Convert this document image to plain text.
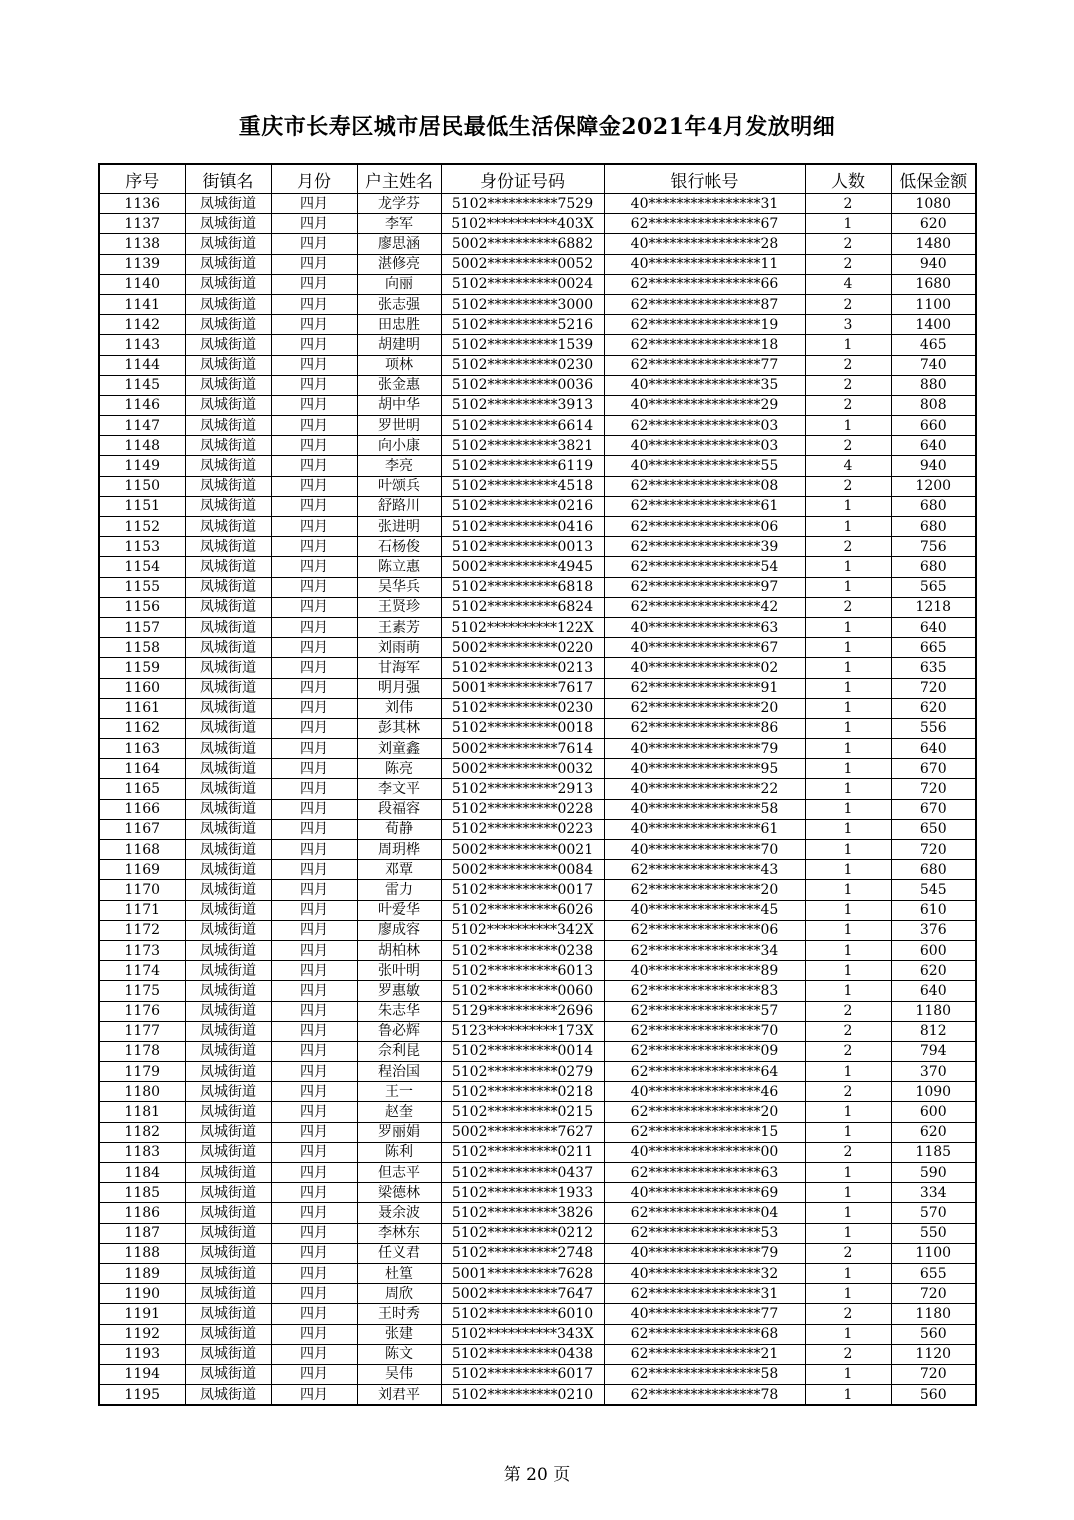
重庆市长寿区城市居民最低生活保障金2021年4月发放明细
序号	街镇名	月份	户主姓名	身份证号码	银行帐号	人数	低保金额
1136	凤城街道	四月	龙学芬	5102**********7529	40****************31	2	1080
1137	凤城街道	四月	李军	5102**********403X	62****************67	1	620
1138	凤城街道	四月	廖思涵	5002**********6882	40****************28	2	1480
1139	凤城街道	四月	湛修亮	5002**********0052	40****************11	2	940
1140	凤城街道	四月	向丽	5102**********0024	62****************66	4	1680
1141	凤城街道	四月	张志强	5102**********3000	62****************87	2	1100
1142	凤城街道	四月	田忠胜	5102**********5216	62****************19	3	1400
1143	凤城街道	四月	胡建明	5102**********1539	62****************18	1	465
1144	凤城街道	四月	项林	5102**********0230	62****************77	2	740
1145	凤城街道	四月	张金惠	5102**********0036	40****************35	2	880
1146	凤城街道	四月	胡中华	5102**********3913	40****************29	2	808
1147	凤城街道	四月	罗世明	5102**********6614	62****************03	1	660
1148	凤城街道	四月	向小康	5102**********3821	40****************03	2	640
1149	凤城街道	四月	李亮	5102**********6119	40****************55	4	940
1150	凤城街道	四月	叶颂兵	5102**********4518	62****************08	2	1200
1151	凤城街道	四月	舒路川	5102**********0216	62****************61	1	680
1152	凤城街道	四月	张进明	5102**********0416	62****************06	1	680
1153	凤城街道	四月	石杨俊	5102**********0013	62****************39	2	756
1154	凤城街道	四月	陈立惠	5002**********4945	62****************54	1	680
1155	凤城街道	四月	吴华兵	5102**********6818	62****************97	1	565
1156	凤城街道	四月	王贤珍	5102**********6824	62****************42	2	1218
1157	凤城街道	四月	王素芳	5102**********122X	40****************63	1	640
1158	凤城街道	四月	刘雨萌	5002**********0220	40****************67	1	665
1159	凤城街道	四月	甘海军	5102**********0213	40****************02	1	635
1160	凤城街道	四月	明月强	5001**********7617	62****************91	1	720
1161	凤城街道	四月	刘伟	5102**********0230	62****************20	1	620
1162	凤城街道	四月	彭其林	5102**********0018	62****************86	1	556
1163	凤城街道	四月	刘童鑫	5002**********7614	40****************79	1	640
1164	凤城街道	四月	陈亮	5002**********0032	40****************95	1	670
1165	凤城街道	四月	李文平	5102**********2913	40****************22	1	720
1166	凤城街道	四月	段福容	5102**********0228	40****************58	1	670
1167	凤城街道	四月	荀静	5102**********0223	40****************61	1	650
1168	凤城街道	四月	周玥桦	5002**********0021	40****************70	1	720
1169	凤城街道	四月	邓覃	5002**********0084	62****************43	1	680
1170	凤城街道	四月	雷力	5102**********0017	62****************20	1	545
1171	凤城街道	四月	叶爱华	5102**********6026	40****************45	1	610
1172	凤城街道	四月	廖成容	5102**********342X	62****************06	1	376
1173	凤城街道	四月	胡柏林	5102**********0238	62****************34	1	600
1174	凤城街道	四月	张叶明	5102**********6013	40****************89	1	620
1175	凤城街道	四月	罗惠敏	5102**********0060	62****************83	1	640
1176	凤城街道	四月	朱志华	5129**********2696	62****************57	2	1180
1177	凤城街道	四月	鲁必辉	5123**********173X	62****************70	2	812
1178	凤城街道	四月	佘利昆	5102**********0014	62****************09	2	794
1179	凤城街道	四月	程治国	5102**********0279	62****************64	1	370
1180	凤城街道	四月	王一	5102**********0218	40****************46	2	1090
1181	凤城街道	四月	赵奎	5102**********0215	62****************20	1	600
1182	凤城街道	四月	罗丽娟	5002**********7627	62****************15	1	620
1183	凤城街道	四月	陈利	5102**********0211	40****************00	2	1185
1184	凤城街道	四月	但志平	5102**********0437	62****************63	1	590
1185	凤城街道	四月	梁德林	5102**********1933	40****************69	1	334
1186	凤城街道	四月	聂余波	5102**********3826	62****************04	1	570
1187	凤城街道	四月	李林东	5102**********0212	62****************53	1	550
1188	凤城街道	四月	任义君	5102**********2748	40****************79	2	1100
1189	凤城街道	四月	杜篁	5001**********7628	40****************32	1	655
1190	凤城街道	四月	周欣	5002**********7647	62****************31	1	720
1191	凤城街道	四月	王时秀	5102**********6010	40****************77	2	1180
1192	凤城街道	四月	张建	5102**********343X	62****************68	1	560
1193	凤城街道	四月	陈文	5102**********0438	62****************21	2	1120
1194	凤城街道	四月	吴伟	5102**********6017	62****************58	1	720
1195	凤城街道	四月	刘君平	5102**********0210	62****************78	1	560
第 20 页
